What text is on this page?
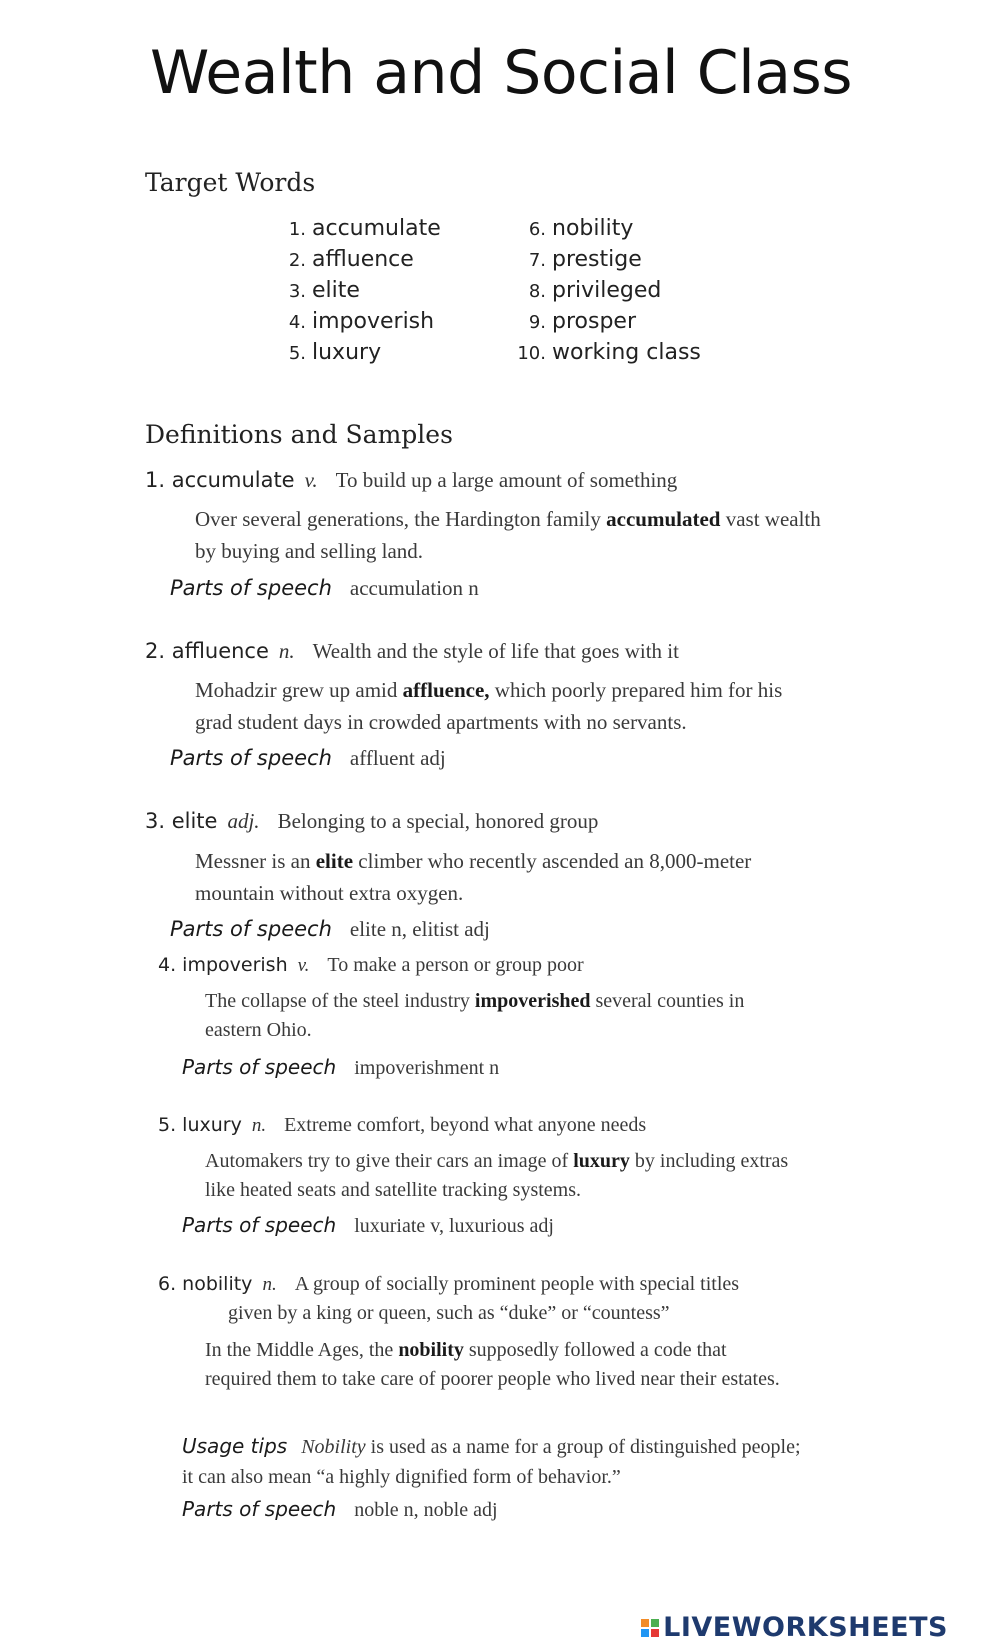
Wealth and Social Class
Target Words
1. accumulate
2. affluence
3. elite
4. impoverish
5. luxury
6. nobility
7. prestige
8. privileged
9. prosper
10. working class
Definitions and Samples
1. accumulate v. To build up a large amount of something
Over several generations, the Hardington family accumulated vast wealth by buying and selling land.
Parts of speech accumulation n
2. affluence n. Wealth and the style of life that goes with it
Mohadzir grew up amid affluence, which poorly prepared him for his grad student days in crowded apartments with no servants.
Parts of speech affluent adj
3. elite adj. Belonging to a special, honored group
Messner is an elite climber who recently ascended an 8,000-meter mountain without extra oxygen.
Parts of speech elite n, elitist adj
4. impoverish v. To make a person or group poor
The collapse of the steel industry impoverished several counties in eastern Ohio.
Parts of speech impoverishment n
5. luxury n. Extreme comfort, beyond what anyone needs
Automakers try to give their cars an image of luxury by including extras like heated seats and satellite tracking systems.
Parts of speech luxuriate v, luxurious adj
6. nobility n. A group of socially prominent people with special titles
given by a king or queen, such as “duke” or “countess”
In the Middle Ages, the nobility supposedly followed a code that required them to take care of poorer people who lived near their estates.
Usage tips Nobility is used as a name for a group of distinguished people; it can also mean “a highly dignified form of behavior.”
Parts of speech noble n, noble adj
LIVEWORKSHEETS
